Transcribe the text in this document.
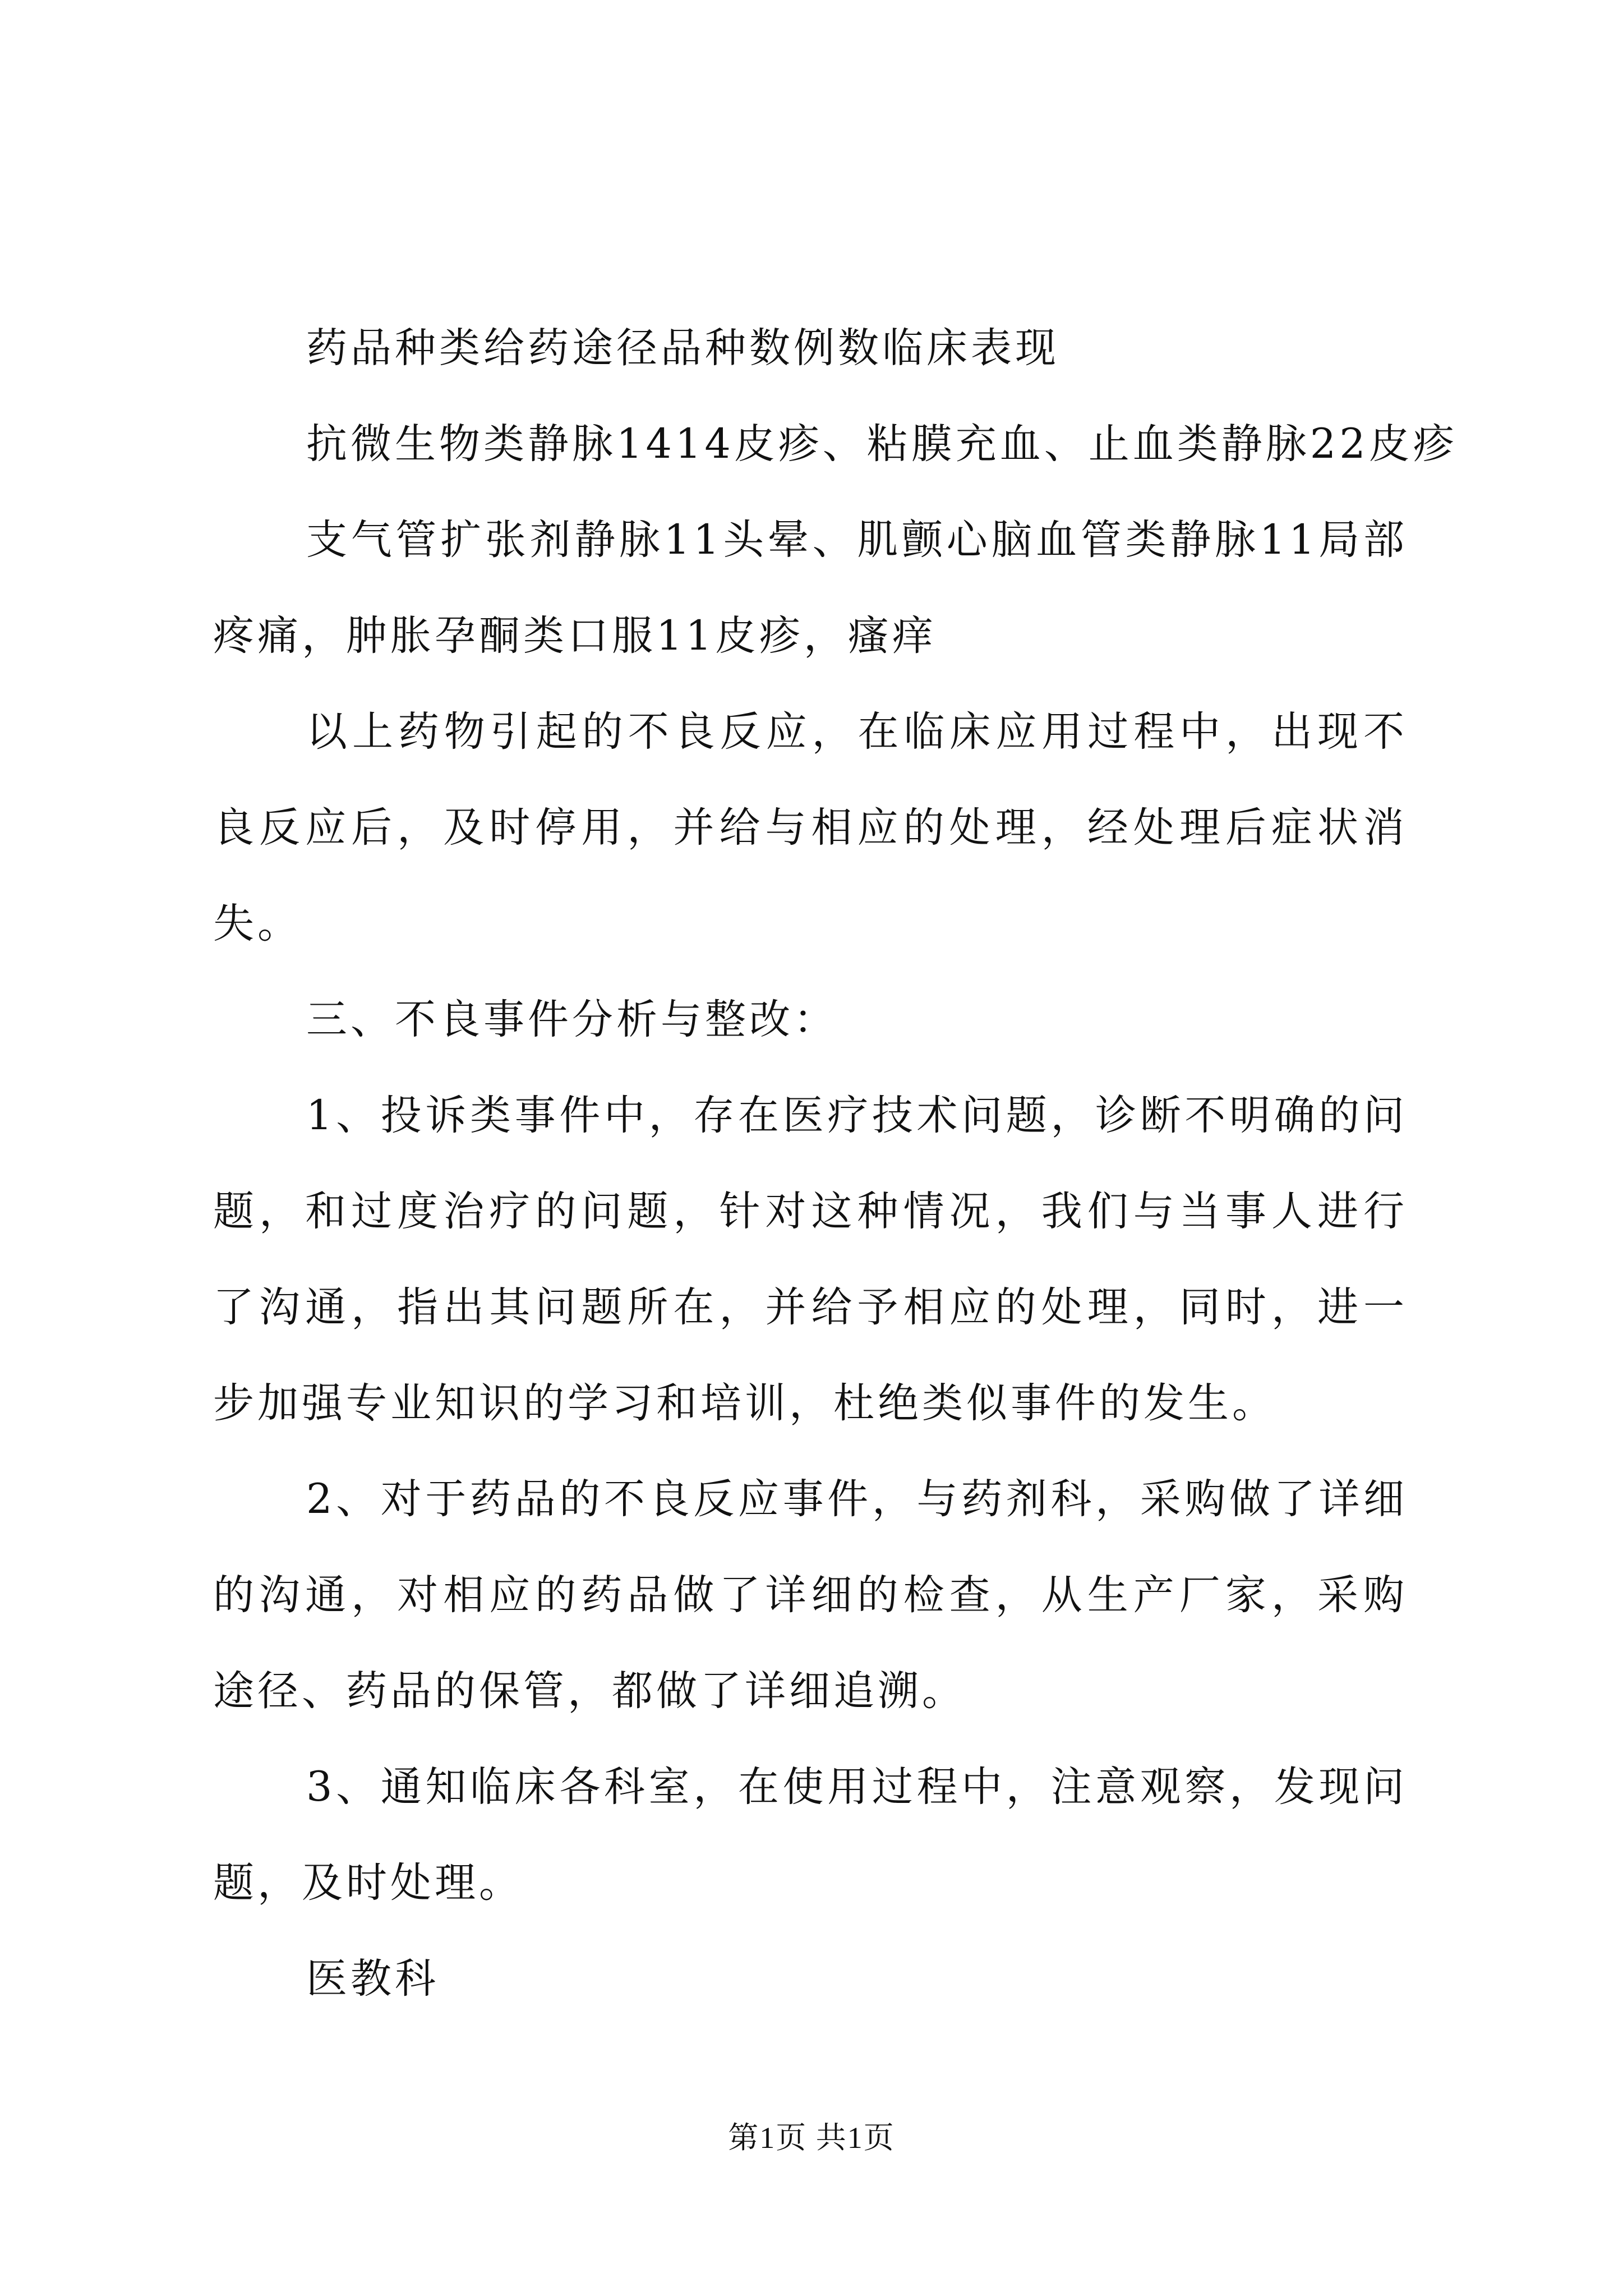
药品种类给药途径品种数例数临床表现

抗微生物类静脉1414皮疹、粘膜充血、止血类静脉22皮疹

支气管扩张剂静脉11头晕、肌颤心脑血管类静脉11局部疼痛，肿胀孕酮类口服11皮疹，瘙痒

以上药物引起的不良反应，在临床应用过程中，出现不良反应后，及时停用，并给与相应的处理，经处理后症状消失。

三、不良事件分析与整改：

1、投诉类事件中，存在医疗技术问题，诊断不明确的问题，和过度治疗的问题，针对这种情况，我们与当事人进行了沟通，指出其问题所在，并给予相应的处理，同时，进一步加强专业知识的学习和培训，杜绝类似事件的发生。

2、对于药品的不良反应事件，与药剂科，采购做了详细的沟通，对相应的药品做了详细的检查，从生产厂家，采购途径、药品的保管，都做了详细追溯。

3、通知临床各科室，在使用过程中，注意观察，发现问题，及时处理。

医教科

第1页 共1页
